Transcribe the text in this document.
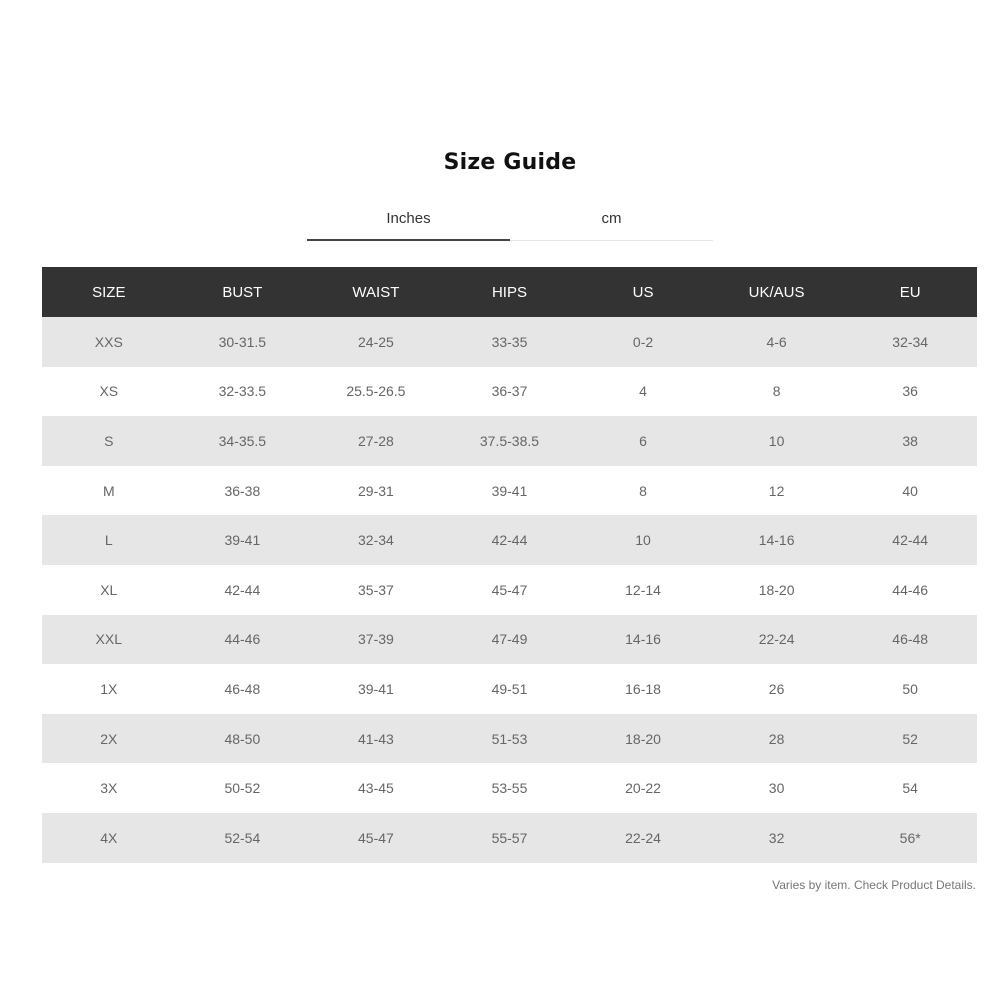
Size Guide
Inches	cm
SIZE	BUST	WAIST	HIPS	US	UK/AUS	EU
XXS	30-31.5	24-25	33-35	0-2	4-6	32-34
XS	32-33.5	25.5-26.5	36-37	4	8	36
S	34-35.5	27-28	37.5-38.5	6	10	38
M	36-38	29-31	39-41	8	12	40
L	39-41	32-34	42-44	10	14-16	42-44
XL	42-44	35-37	45-47	12-14	18-20	44-46
XXL	44-46	37-39	47-49	14-16	22-24	46-48
1X	46-48	39-41	49-51	16-18	26	50
2X	48-50	41-43	51-53	18-20	28	52
3X	50-52	43-45	53-55	20-22	30	54
4X	52-54	45-47	55-57	22-24	32	56*
Varies by item. Check Product Details.
